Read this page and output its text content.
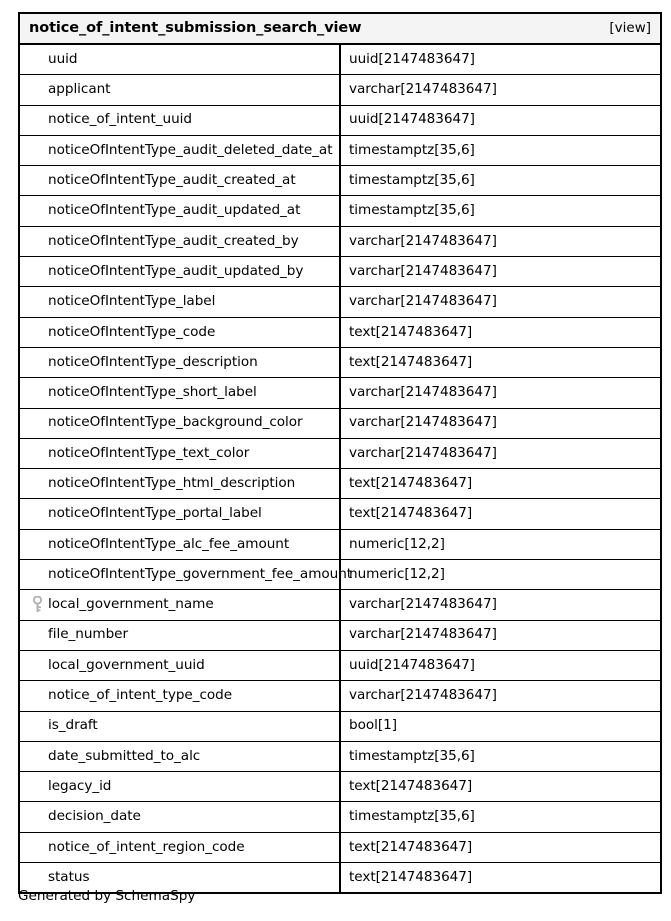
notice_of_intent_submission_search_view [view]	

uuid	uuid[2147483647]

applicant	varchar[2147483647]

notice_of_intent_uuid	uuid[2147483647]

noticeOfIntentType_audit_deleted_date_at	timestamptz[35,6]

noticeOfIntentType_audit_created_at	timestamptz[35,6]

noticeOfIntentType_audit_updated_at	timestamptz[35,6]

noticeOfIntentType_audit_created_by	varchar[2147483647]

noticeOfIntentType_audit_updated_by	varchar[2147483647]

noticeOfIntentType_label	varchar[2147483647]

noticeOfIntentType_code	text[2147483647]

noticeOfIntentType_description	text[2147483647]

noticeOfIntentType_short_label	varchar[2147483647]

noticeOfIntentType_background_color	varchar[2147483647]

noticeOfIntentType_text_color	varchar[2147483647]

noticeOfIntentType_html_description	text[2147483647]

noticeOfIntentType_portal_label	text[2147483647]

noticeOfIntentType_alc_fee_amount	numeric[12,2]

noticeOfIntentType_government_fee_amount	numeric[12,2]

local_government_name	varchar[2147483647]

file_number	varchar[2147483647]

local_government_uuid	uuid[2147483647]

notice_of_intent_type_code	varchar[2147483647]

is_draft	bool[1]

date_submitted_to_alc	timestamptz[35,6]

legacy_id	text[2147483647]

decision_date	timestamptz[35,6]

notice_of_intent_region_code	text[2147483647]

status	text[2147483647]
Generated by SchemaSpy
